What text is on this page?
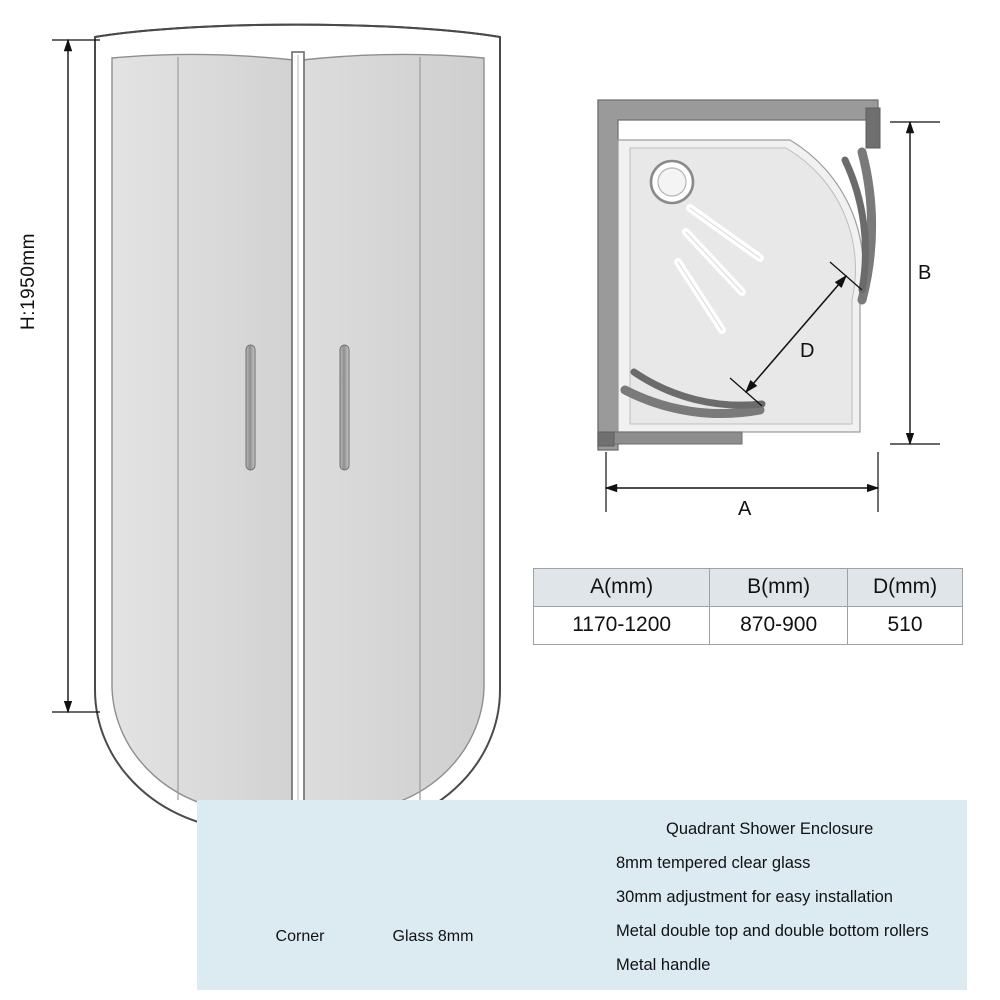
H:1950mm
A
B
D
A(mm)	B(mm)	D(mm)
1170-1200	870-900	510
Corner	Glass 8mm
Quadrant Shower Enclosure
8mm tempered clear glass
30mm adjustment for easy installation
Metal double top and double bottom rollers
Metal handle
